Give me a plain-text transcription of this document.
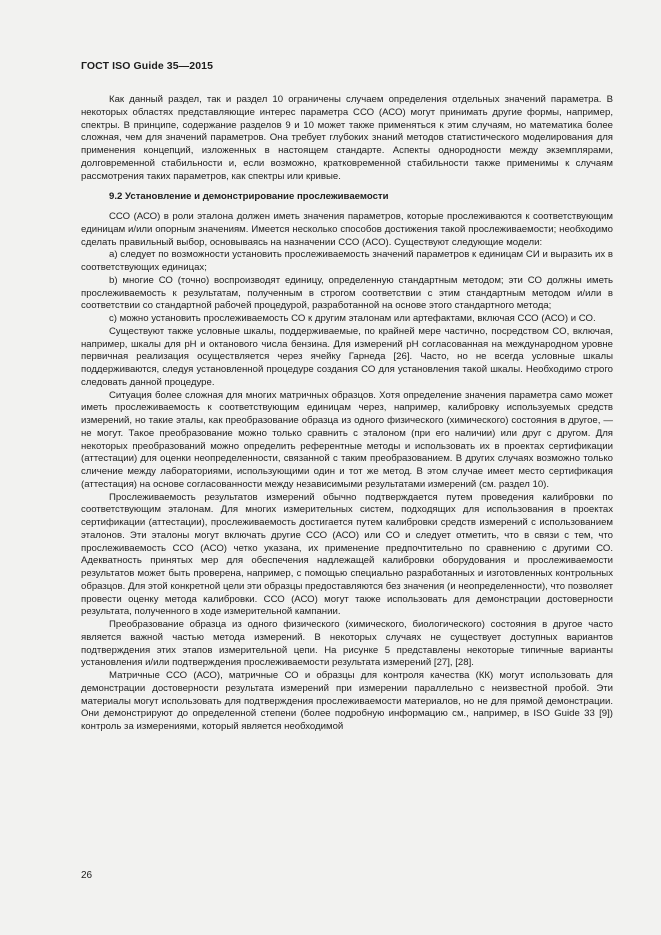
ГОСТ ISO Guide 35—2015

Как данный раздел, так и раздел 10 ограничены случаем определения отдельных значений параметра. В некоторых областях представляющие интерес параметра ССО (АСО) могут принимать другие формы, например, спектры. В принципе, содержание разделов 9 и 10 может также применяться к этим случаям, но математика более сложная, чем для значений параметров. Она требует глубоких знаний методов статистического моделирования для применения концепций, изложенных в настоящем стандарте. Аспекты однородности между экземплярами, долговременной стабильности и, если возможно, кратковременной стабильности также применимы к случаям рассмотрения таких параметров, как спектры или кривые.

9.2 Установление и демонстрирование прослеживаемости

ССО (АСО) в роли эталона должен иметь значения параметров, которые прослеживаются к соответствующим единицам и/или опорным значениям. Имеется несколько способов достижения такой прослеживаемости; необходимо сделать правильный выбор, основываясь на назначении ССО (АСО). Существуют следующие модели:

a) следует по возможности установить прослеживаемость значений параметров к единицам СИ и выразить их в соответствующих единицах;

b) многие СО (точно) воспроизводят единицу, определенную стандартным методом; эти СО должны иметь прослеживаемость к результатам, полученным в строгом соответствии с этим стандартным методом и/или в соответствии со стандартной рабочей процедурой, разработанной на основе этого стандартного метода;

c) можно установить прослеживаемость СО к другим эталонам или артефактами, включая ССО (АСО) и СО.

Существуют также условные шкалы, поддерживаемые, по крайней мере частично, посредством СО, включая, например, шкалы для pH и октанового числа бензина. Для измерений pH согласованная на международном уровне первичная реализация осуществляется через ячейку Гарнеда [26]. Часто, но не всегда условные шкалы поддерживаются, следуя установленной процедуре создания СО для установления такой шкалы. Необходимо строго следовать данной процедуре.

Ситуация более сложная для многих матричных образцов. Хотя определение значения параметра само может иметь прослеживаемость к соответствующим единицам через, например, калибровку используемых средств измерений, но такие эталы, как преобразование образца из одного физического (химического) состояния в другое, — не могут. Такое преобразование можно только сравнить с эталоном (при его наличии) или друг с другом. Для некоторых преобразований можно определить референтные методы и использовать их в проектах сертификации (аттестации) для оценки неопределенности, связанной с таким преобразованием. В других случаях возможно только сличение между лабораториями, использующими один и тот же метод. В этом случае имеет место сертификация (аттестация) на основе согласованности между независимыми результатами измерений (см. раздел 10).

Прослеживаемость результатов измерений обычно подтверждается путем проведения калибровки по соответствующим эталонам. Для многих измерительных систем, подходящих для использования в проектах сертификации (аттестации), прослеживаемость достигается путем калибровки средств измерений с использованием эталонов. Эти эталоны могут включать другие ССО (АСО) или СО и следует отметить, что в связи с тем, что прослеживаемость ССО (АСО) четко указана, их применение предпочтительно по сравнению с другими СО. Адекватность принятых мер для обеспечения надлежащей калибровки оборудования и прослеживаемости результатов может быть проверена, например, с помощью специально разработанных и изготовленных контрольных образцов. Для этой конкретной цели эти образцы предоставляются без значения (и неопределенности), что позволяет провести оценку метода калибровки. ССО (АСО) могут также использовать для демонстрации достоверности результата, полученного в ходе измерительной кампании.

Преобразование образца из одного физического (химического, биологического) состояния в другое часто является важной частью метода измерений. В некоторых случаях не существует доступных вариантов подтверждения этих этапов измерительной цепи. На рисунке 5 представлены некоторые типичные варианты установления и/или подтверждения прослеживаемости результата измерений [27], [28].

Матричные ССО (АСО), матричные СО и образцы для контроля качества (КК) могут использовать для демонстрации достоверности результата измерений при измерении параллельно с неизвестной пробой. Эти материалы могут использовать для подтверждения прослеживаемости материалов, но не для прямой демонстрации. Они демонстрируют до определенной степени (более подробную информацию см., например, в ISO Guide 33 [9]) контроль за измерениями, который является необходимой

26
